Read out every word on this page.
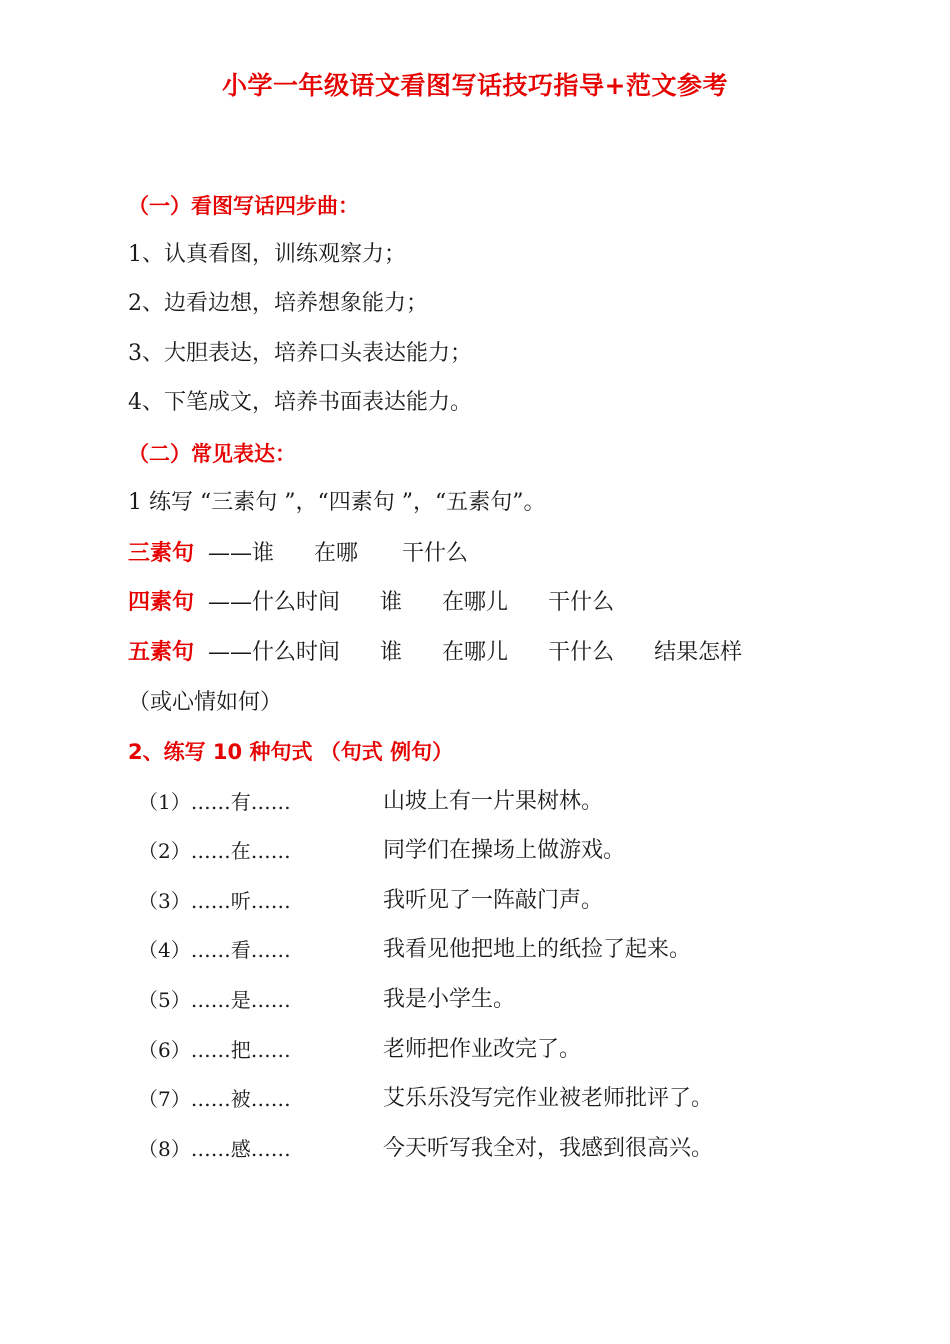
小学一年级语文看图写话技巧指导+范文参考
（一）看图写话四步曲：
1、认真看图，训练观察力；
2、边看边想，培养想象能力；
3、大胆表达，培养口头表达能力；
4、下笔成文，培养书面表达能力。
（二）常见表达：
1 练写 “三素句 ”，“四素句 ”，“五素句”。
三素句 ——谁 在哪 干什么
四素句 ——什么时间 谁 在哪儿 干什么
五素句 ——什么时间 谁 在哪儿 干什么 结果怎样
（或心情如何）
2、练写 10 种句式 （句式 例句）
（1）……有……	山坡上有一片果树林。
（2）……在……	同学们在操场上做游戏。
（3）……听……	我听见了一阵敲门声。
（4）……看……	我看见他把地上的纸捡了起来。
（5）……是……	我是小学生。
（6）……把……	老师把作业改完了。
（7）……被……	艾乐乐没写完作业被老师批评了。
（8）……感……	今天听写我全对，我感到很高兴。
